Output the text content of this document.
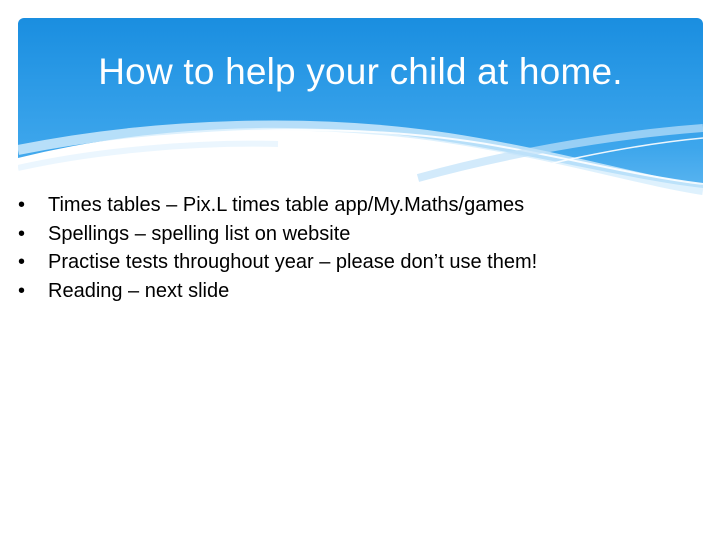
How to help your child at home.
•	Times tables – Pix.L times table app/My.Maths/games
•	Spellings – spelling list on website
•	Practise tests throughout year – please don’t use them!
•	Reading – next slide
